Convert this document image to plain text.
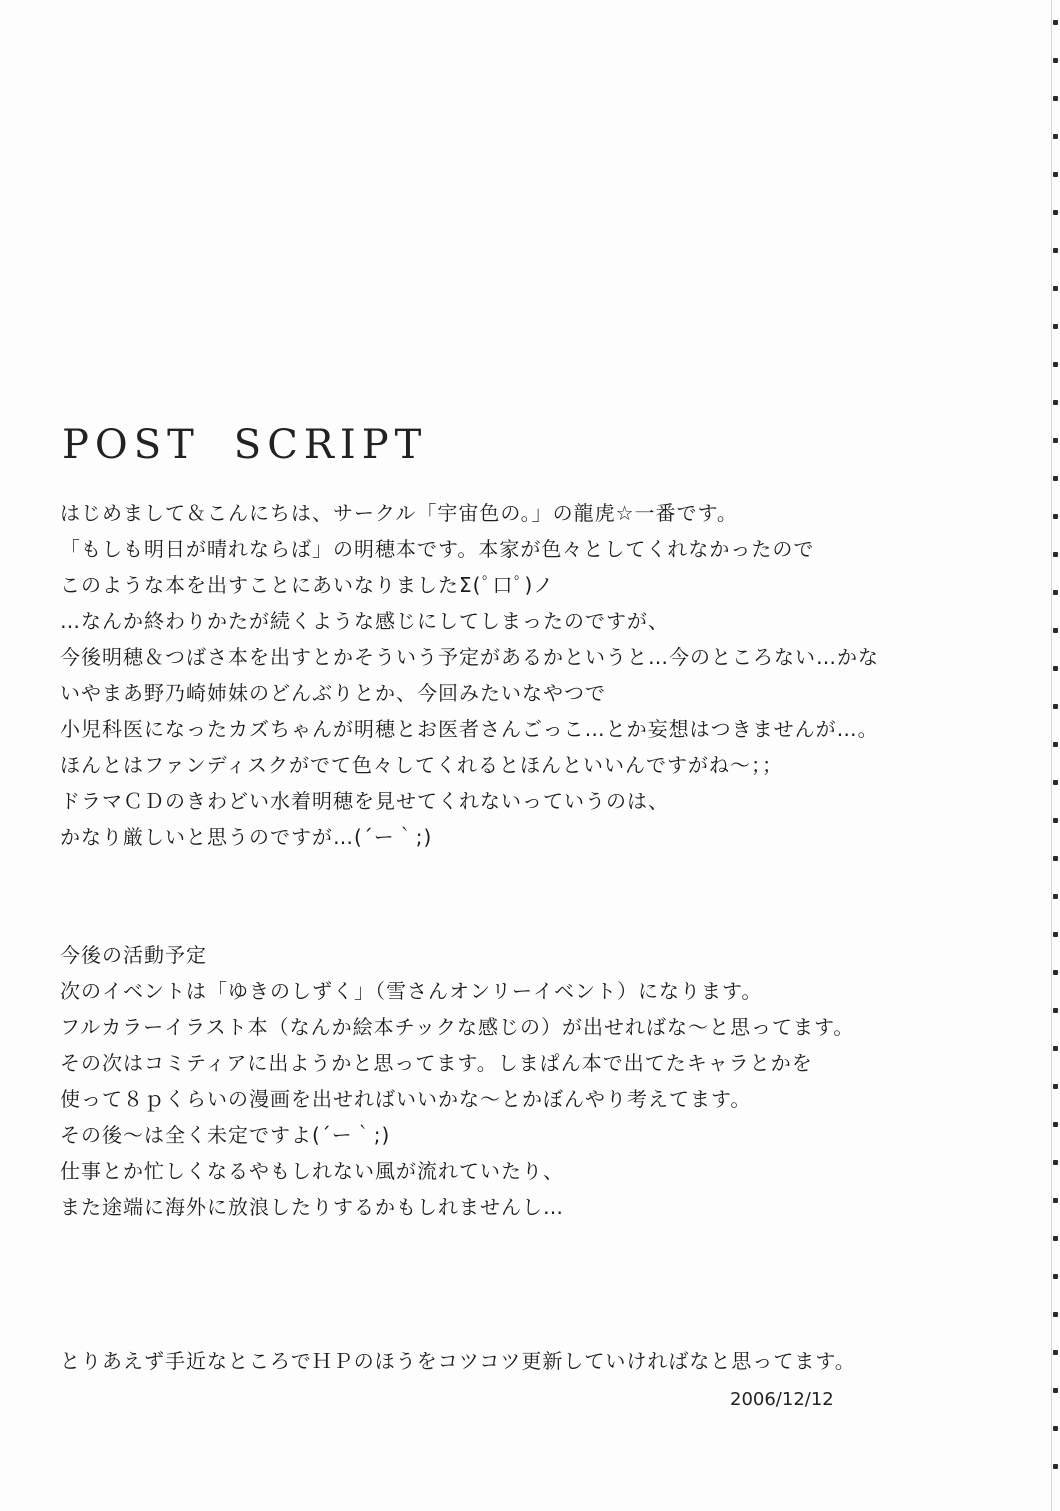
POST SCRIPT
はじめまして＆こんにちは、サークル「宇宙色の。」の龍虎☆一番です。
「もしも明日が晴れならば」の明穂本です。本家が色々としてくれなかったので
このような本を出すことにあいなりましたΣ(ﾟ口ﾟ)ノ
…なんか終わりかたが続くような感じにしてしまったのですが、
今後明穂＆つばさ本を出すとかそういう予定があるかというと…今のところない…かな
いやまあ野乃崎姉妹のどんぶりとか、今回みたいなやつで
小児科医になったカズちゃんが明穂とお医者さんごっこ…とか妄想はつきませんが…。
ほんとはファンディスクがでて色々してくれるとほんといいんですがね～；；
ドラマＣＤのきわどい水着明穂を見せてくれないっていうのは、
かなり厳しいと思うのですが…(´ー｀;)
今後の活動予定
次のイベントは「ゆきのしずく」（雪さんオンリーイベント）になります。
フルカラーイラスト本（なんか絵本チックな感じの）が出せればな～と思ってます。
その次はコミティアに出ようかと思ってます。しまぱん本で出てたキャラとかを
使って８ｐくらいの漫画を出せればいいかな～とかぼんやり考えてます。
その後～は全く未定ですよ(´ー｀;)
仕事とか忙しくなるやもしれない風が流れていたり、
また途端に海外に放浪したりするかもしれませんし…
とりあえず手近なところでＨＰのほうをコツコツ更新していければなと思ってます。
2006/12/12
